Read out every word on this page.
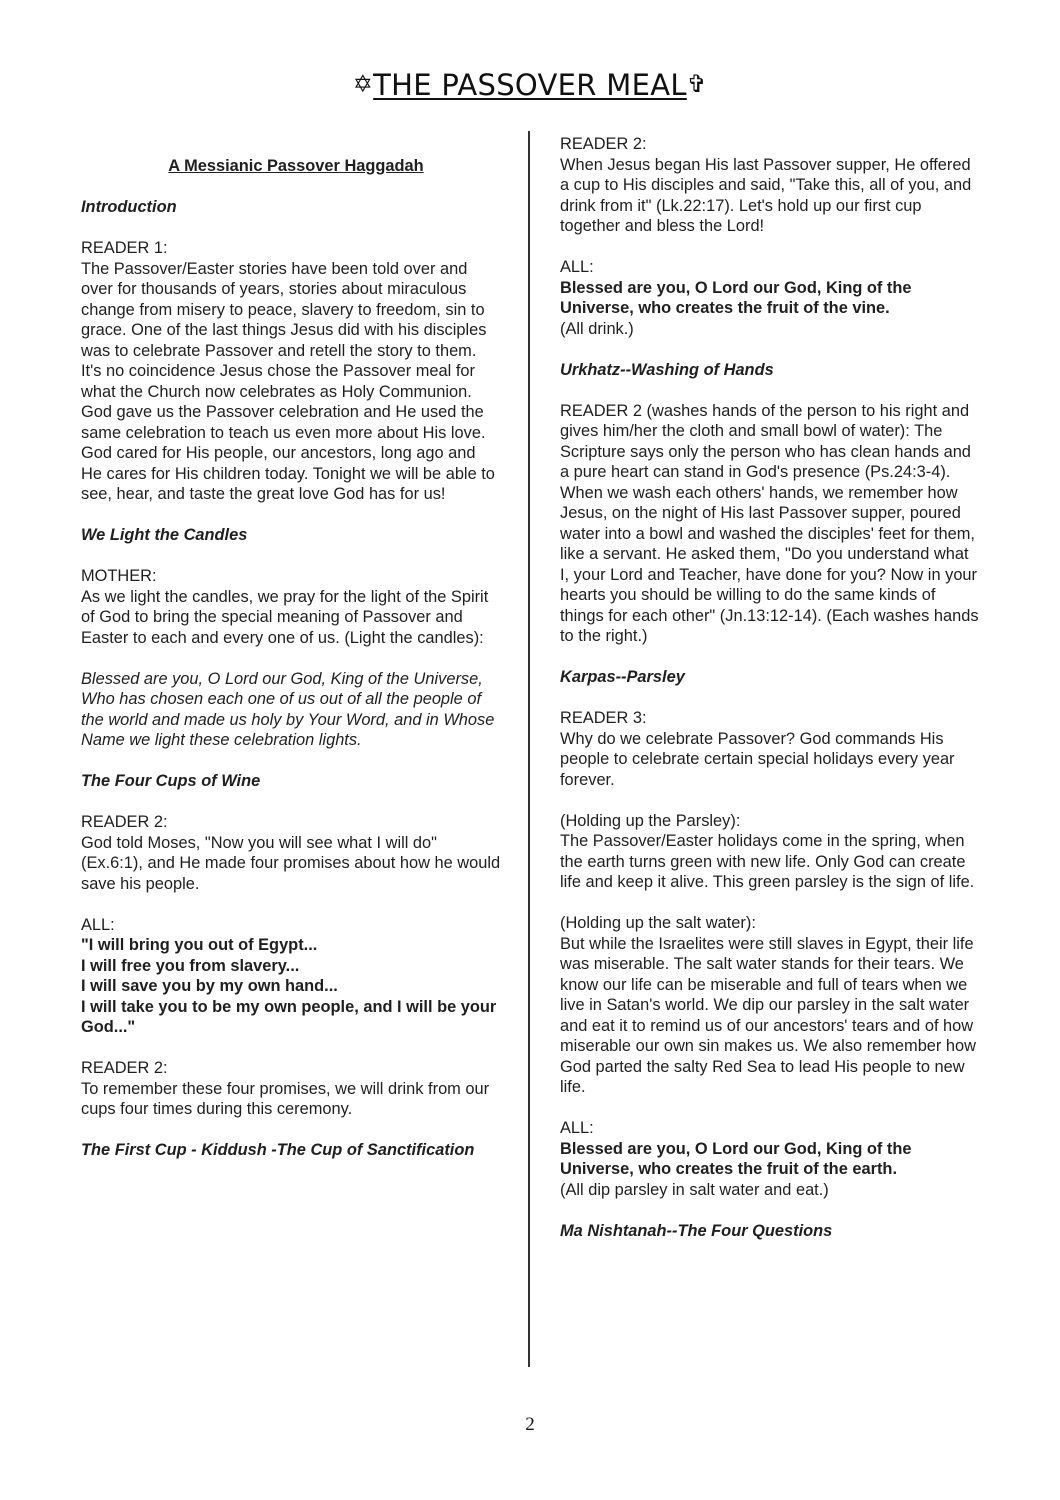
✡THE PASSOVER MEAL✞

A Messianic Passover Haggadah

Introduction

READER 1:
The Passover/Easter stories have been told over and over for thousands of years, stories about miraculous change from misery to peace, slavery to freedom, sin to grace. One of the last things Jesus did with his disciples was to celebrate Passover and retell the story to them. It's no coincidence Jesus chose the Passover meal for what the Church now celebrates as Holy Communion. God gave us the Passover celebration and He used the same celebration to teach us even more about His love. God cared for His people, our ancestors, long ago and He cares for His children today. Tonight we will be able to see, hear, and taste the great love God has for us!

We Light the Candles

MOTHER:
As we light the candles, we pray for the light of the Spirit of God to bring the special meaning of Passover and Easter to each and every one of us. (Light the candles):

Blessed are you, O Lord our God, King of the Universe, Who has chosen each one of us out of all the people of the world and made us holy by Your Word, and in Whose Name we light these celebration lights.

The Four Cups of Wine

READER 2:
God told Moses, "Now you will see what I will do" (Ex.6:1), and He made four promises about how he would save his people.

ALL:
"I will bring you out of Egypt...
I will free you from slavery...
I will save you by my own hand...
I will take you to be my own people, and I will be your God..."

READER 2:
To remember these four promises, we will drink from our cups four times during this ceremony.

The First Cup - Kiddush -The Cup of Sanctification

READER 2:
When Jesus began His last Passover supper, He offered a cup to His disciples and said, "Take this, all of you, and drink from it" (Lk.22:17). Let's hold up our first cup together and bless the Lord!

ALL:
Blessed are you, O Lord our God, King of the Universe, who creates the fruit of the vine.
(All drink.)

Urkhatz--Washing of Hands

READER 2 (washes hands of the person to his right and gives him/her the cloth and small bowl of water): The Scripture says only the person who has clean hands and a pure heart can stand in God's presence (Ps.24:3-4). When we wash each others' hands, we remember how Jesus, on the night of His last Passover supper, poured water into a bowl and washed the disciples' feet for them, like a servant. He asked them, "Do you understand what I, your Lord and Teacher, have done for you? Now in your hearts you should be willing to do the same kinds of things for each other" (Jn.13:12-14). (Each washes hands to the right.)

Karpas--Parsley

READER 3:
Why do we celebrate Passover? God commands His people to celebrate certain special holidays every year forever.

(Holding up the Parsley):
The Passover/Easter holidays come in the spring, when the earth turns green with new life. Only God can create life and keep it alive. This green parsley is the sign of life.

(Holding up the salt water):
But while the Israelites were still slaves in Egypt, their life was miserable. The salt water stands for their tears. We know our life can be miserable and full of tears when we live in Satan's world. We dip our parsley in the salt water and eat it to remind us of our ancestors' tears and of how miserable our own sin makes us. We also remember how God parted the salty Red Sea to lead His people to new life.

ALL:
Blessed are you, O Lord our God, King of the Universe, who creates the fruit of the earth.
(All dip parsley in salt water and eat.)

Ma Nishtanah--The Four Questions

2
